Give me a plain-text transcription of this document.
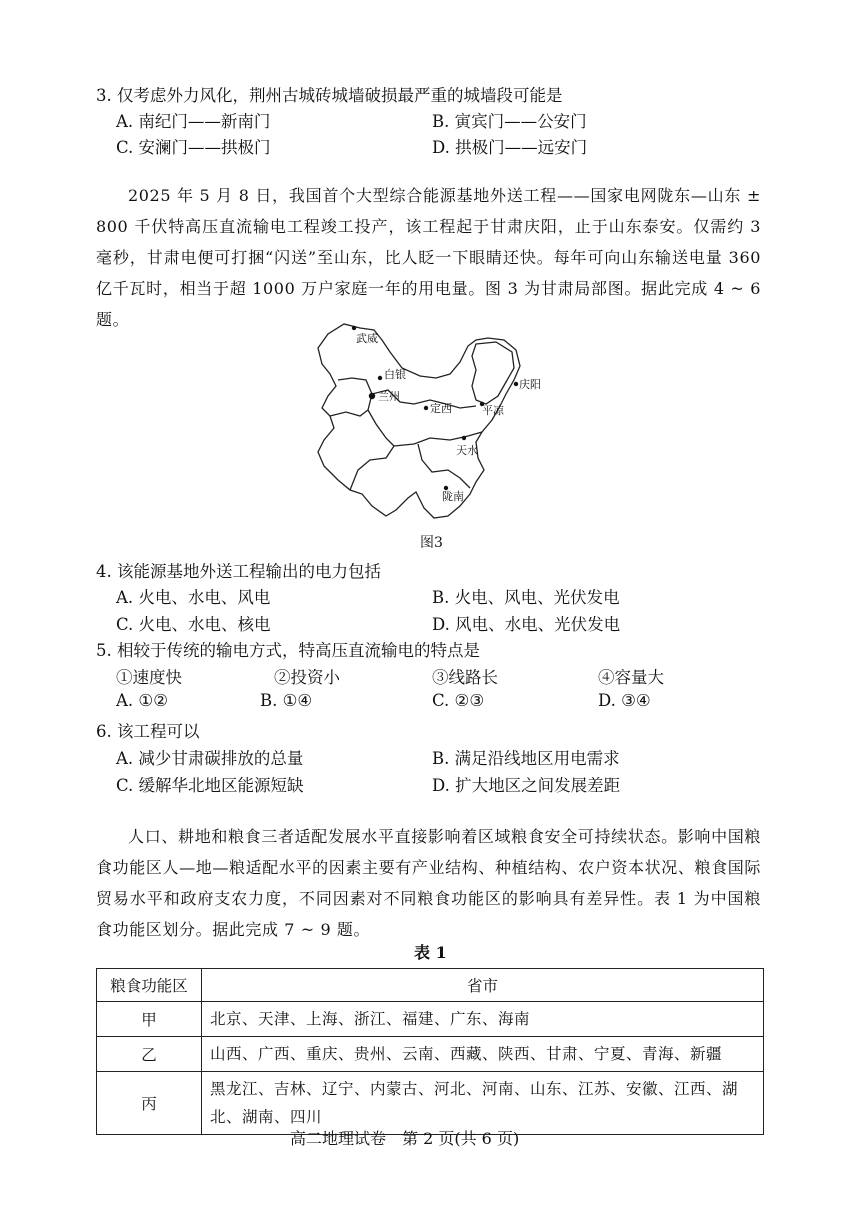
3. 仅考虑外力风化，荆州古城砖城墙破损最严重的城墙段可能是
A. 南纪门——新南门	B. 寅宾门——公安门
C. 安澜门——拱极门	D. 拱极门——远安门
2025 年 5 月 8 日，我国首个大型综合能源基地外送工程——国家电网陇东—山东 ± 800 千伏特高压直流输电工程竣工投产，该工程起于甘肃庆阳，止于山东泰安。仅需约 3 毫秒，甘肃电便可打捆“闪送”至山东，比人眨一下眼睛还快。每年可向山东输送电量 360 亿千瓦时，相当于超 1000 万户家庭一年的用电量。图 3 为甘肃局部图。据此完成 4 ~ 6 题。
武威
白银
兰州
定西
庆阳
平凉
天水
陇南
图3
4. 该能源基地外送工程输出的电力包括
A. 火电、水电、风电	B. 火电、风电、光伏发电
C. 火电、水电、核电	D. 风电、水电、光伏发电
5. 相较于传统的输电方式，特高压直流输电的特点是
①速度快	②投资小	③线路长	④容量大
A. ①②	B. ①④	C. ②③	D. ③④
6. 该工程可以
A. 减少甘肃碳排放的总量	B. 满足沿线地区用电需求
C. 缓解华北地区能源短缺	D. 扩大地区之间发展差距
人口、耕地和粮食三者适配发展水平直接影响着区域粮食安全可持续状态。影响中国粮食功能区人—地—粮适配水平的因素主要有产业结构、种植结构、农户资本状况、粮食国际贸易水平和政府支农力度，不同因素对不同粮食功能区的影响具有差异性。表 1 为中国粮食功能区划分。据此完成 7 ~ 9 题。
表 1
粮食功能区	省市
甲	北京、天津、上海、浙江、福建、广东、海南
乙	山西、广西、重庆、贵州、云南、西藏、陕西、甘肃、宁夏、青海、新疆
丙	黑龙江、吉林、辽宁、内蒙古、河北、河南、山东、江苏、安徽、江西、湖北、湖南、四川
高二地理试卷　第 2 页(共 6 页)
